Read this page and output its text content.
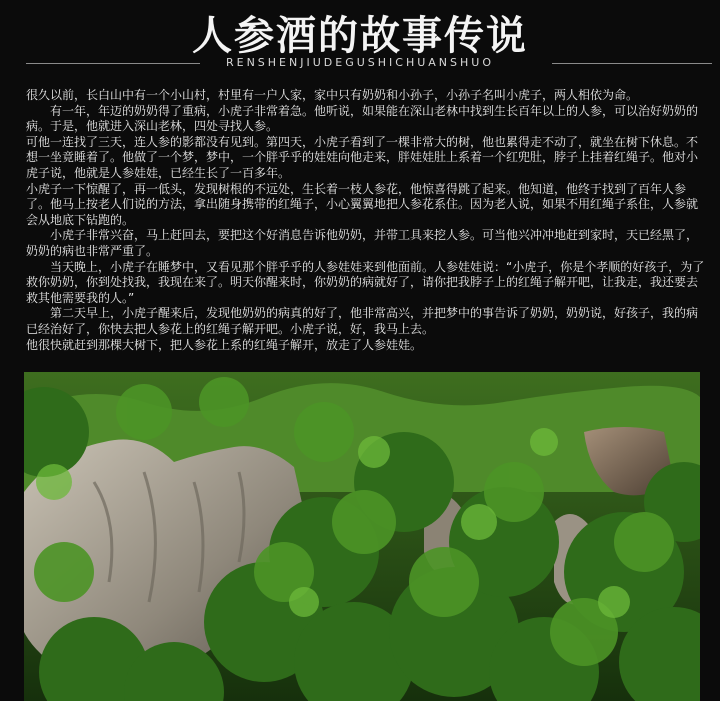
人参酒的故事传说
RENSHENJIUDEGUSHICHUANSHUO

很久以前，长白山中有一个小山村，村里有一户人家，家中只有奶奶和小孙子，小孙子名叫小虎子，两人相依为命。

有一年，年迈的奶奶得了重病，小虎子非常着急。他听说，如果能在深山老林中找到生长百年以上的人参，可以治好奶奶的病。于是，他就进入深山老林，四处寻找人参。

可他一连找了三天，连人参的影都没有见到。第四天，小虎子看到了一棵非常大的树，他也累得走不动了，就坐在树下休息。不想一坐竟睡着了。他做了一个梦，梦中，一个胖乎乎的娃娃向他走来，胖娃娃肚上系着一个红兜肚，脖子上挂着红绳子。他对小虎子说，他就是人参娃娃，已经生长了一百多年。

小虎子一下惊醒了，再一低头，发现树根的不远处，生长着一枝人参花，他惊喜得跳了起来。他知道，他终于找到了百年人参了。他马上按老人们说的方法，拿出随身携带的红绳子，小心翼翼地把人参花系住。因为老人说，如果不用红绳子系住，人参就会从地底下钻跑的。

小虎子非常兴奋，马上赶回去，要把这个好消息告诉他奶奶，并带工具来挖人参。可当他兴冲冲地赶到家时，天已经黑了，奶奶的病也非常严重了。

当天晚上，小虎子在睡梦中，又看见那个胖乎乎的人参娃娃来到他面前。人参娃娃说：“小虎子，你是个孝顺的好孩子，为了救你奶奶，你到处找我，我现在来了。明天你醒来时，你奶奶的病就好了，请你把我脖子上的红绳子解开吧，让我走，我还要去救其他需要我的人。”

第二天早上，小虎子醒来后，发现他奶奶的病真的好了，他非常高兴，并把梦中的事告诉了奶奶，奶奶说，好孩子，我的病已经治好了，你快去把人参花上的红绳子解开吧。小虎子说，好，我马上去。

他很快就赶到那棵大树下，把人参花上系的红绳子解开，放走了人参娃娃。
